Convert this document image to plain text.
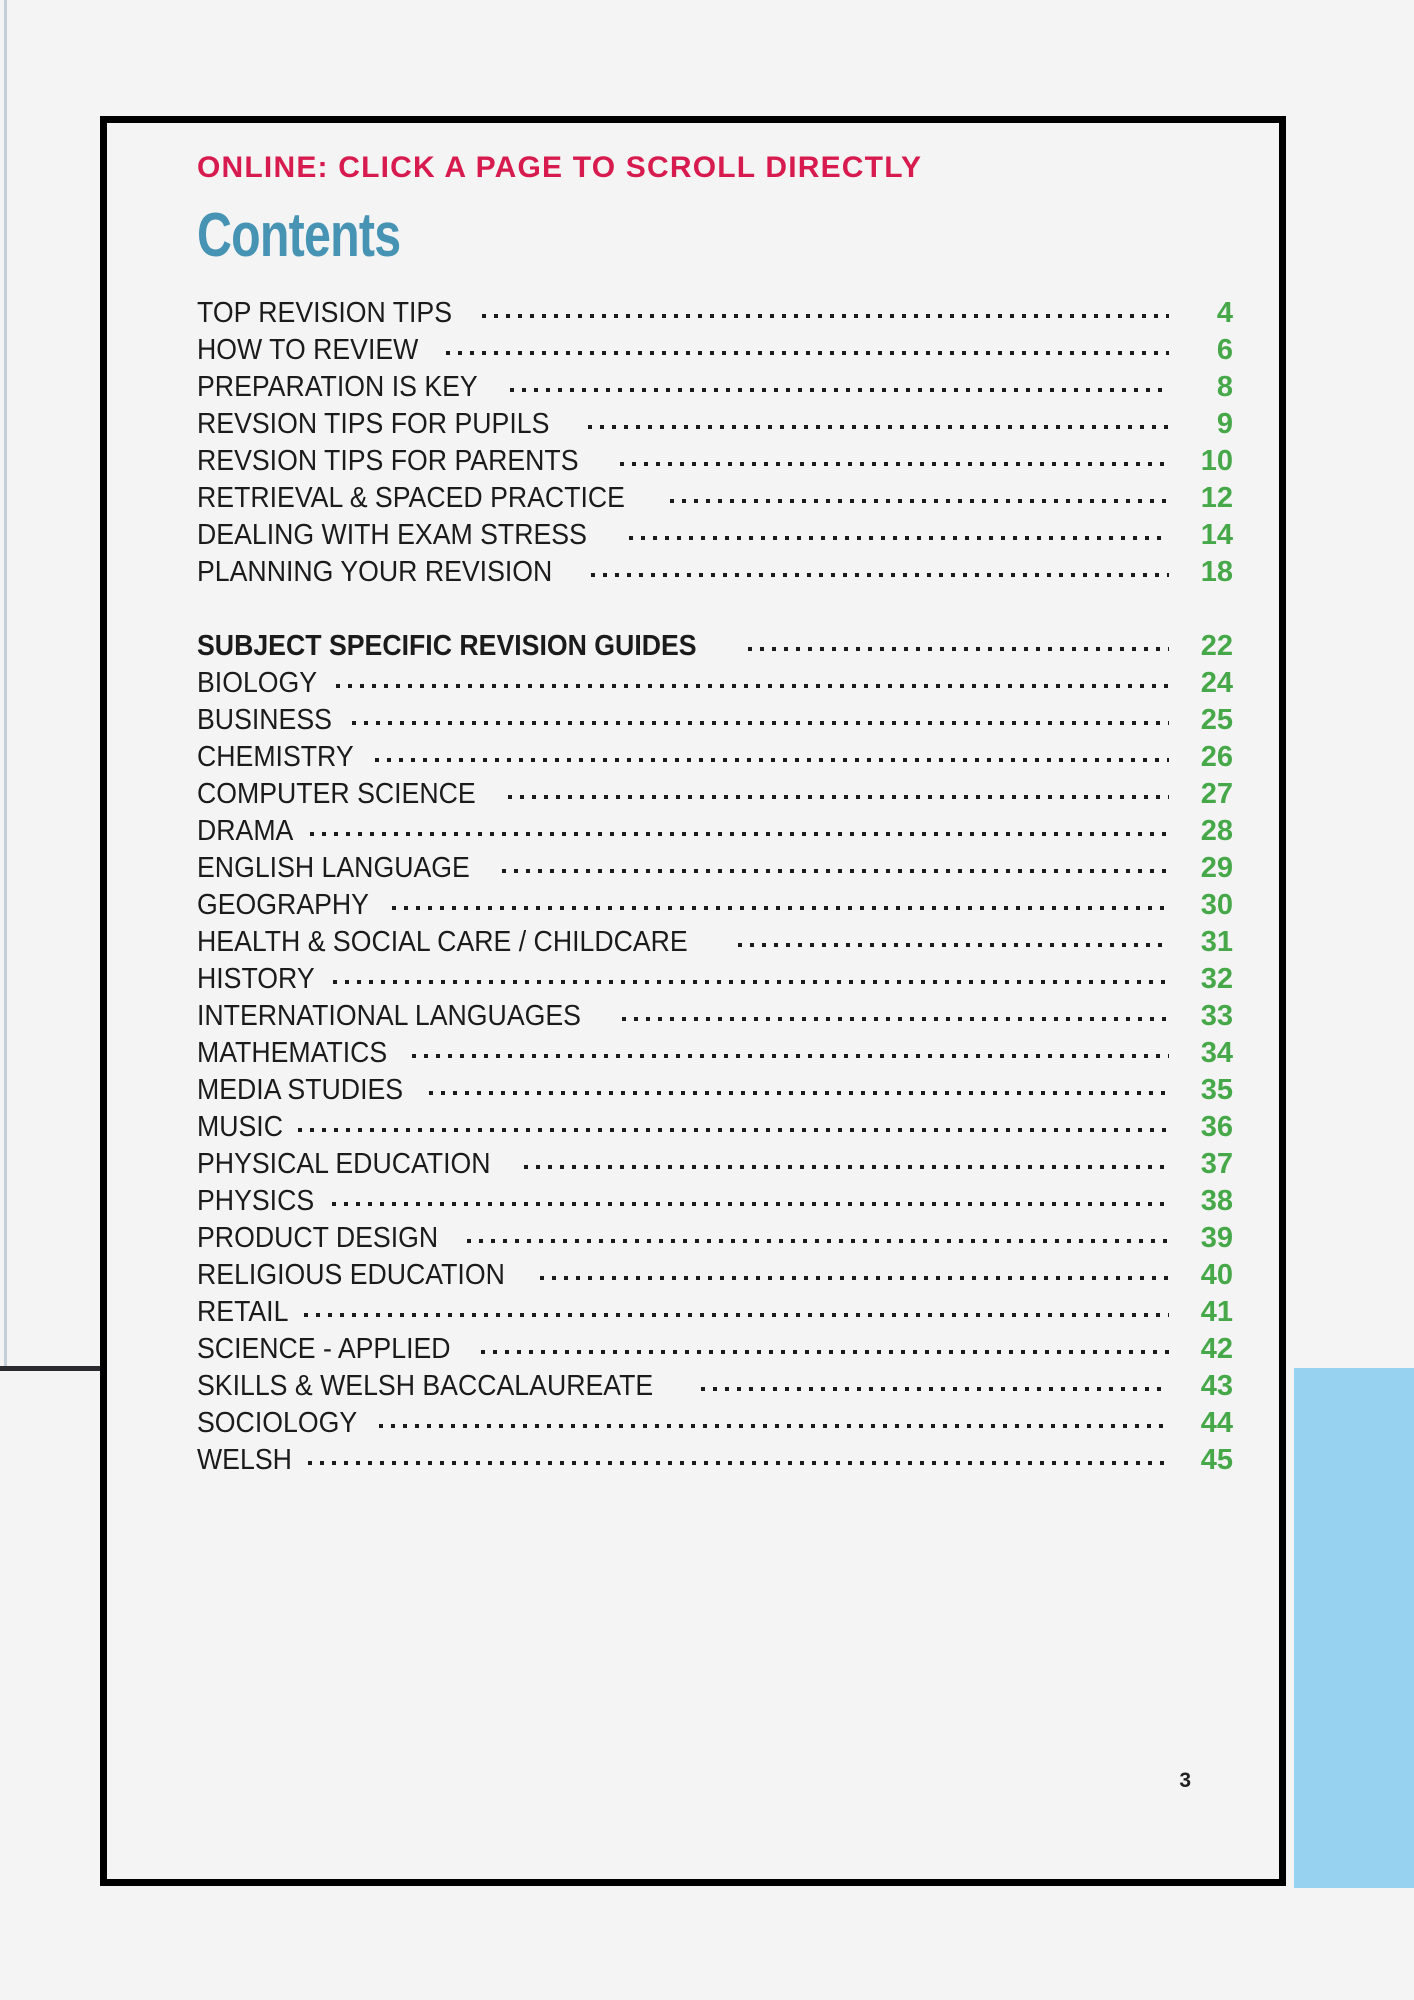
ONLINE: CLICK A PAGE TO SCROLL DIRECTLY
Contents
TOP REVISION TIPS	4
HOW TO REVIEW	6
PREPARATION IS KEY	8
REVSION TIPS FOR PUPILS	9
REVSION TIPS FOR PARENTS	10
RETRIEVAL & SPACED PRACTICE	12
DEALING WITH EXAM STRESS	14
PLANNING YOUR REVISION	18
SUBJECT SPECIFIC REVISION GUIDES	22
BIOLOGY	24
BUSINESS	25
CHEMISTRY	26
COMPUTER SCIENCE	27
DRAMA	28
ENGLISH LANGUAGE	29
GEOGRAPHY	30
HEALTH & SOCIAL CARE / CHILDCARE	31
HISTORY	32
INTERNATIONAL LANGUAGES	33
MATHEMATICS	34
MEDIA STUDIES	35
MUSIC	36
PHYSICAL EDUCATION	37
PHYSICS	38
PRODUCT DESIGN	39
RELIGIOUS EDUCATION	40
RETAIL	41
SCIENCE - APPLIED	42
SKILLS & WELSH BACCALAUREATE	43
SOCIOLOGY	44
WELSH	45
3
